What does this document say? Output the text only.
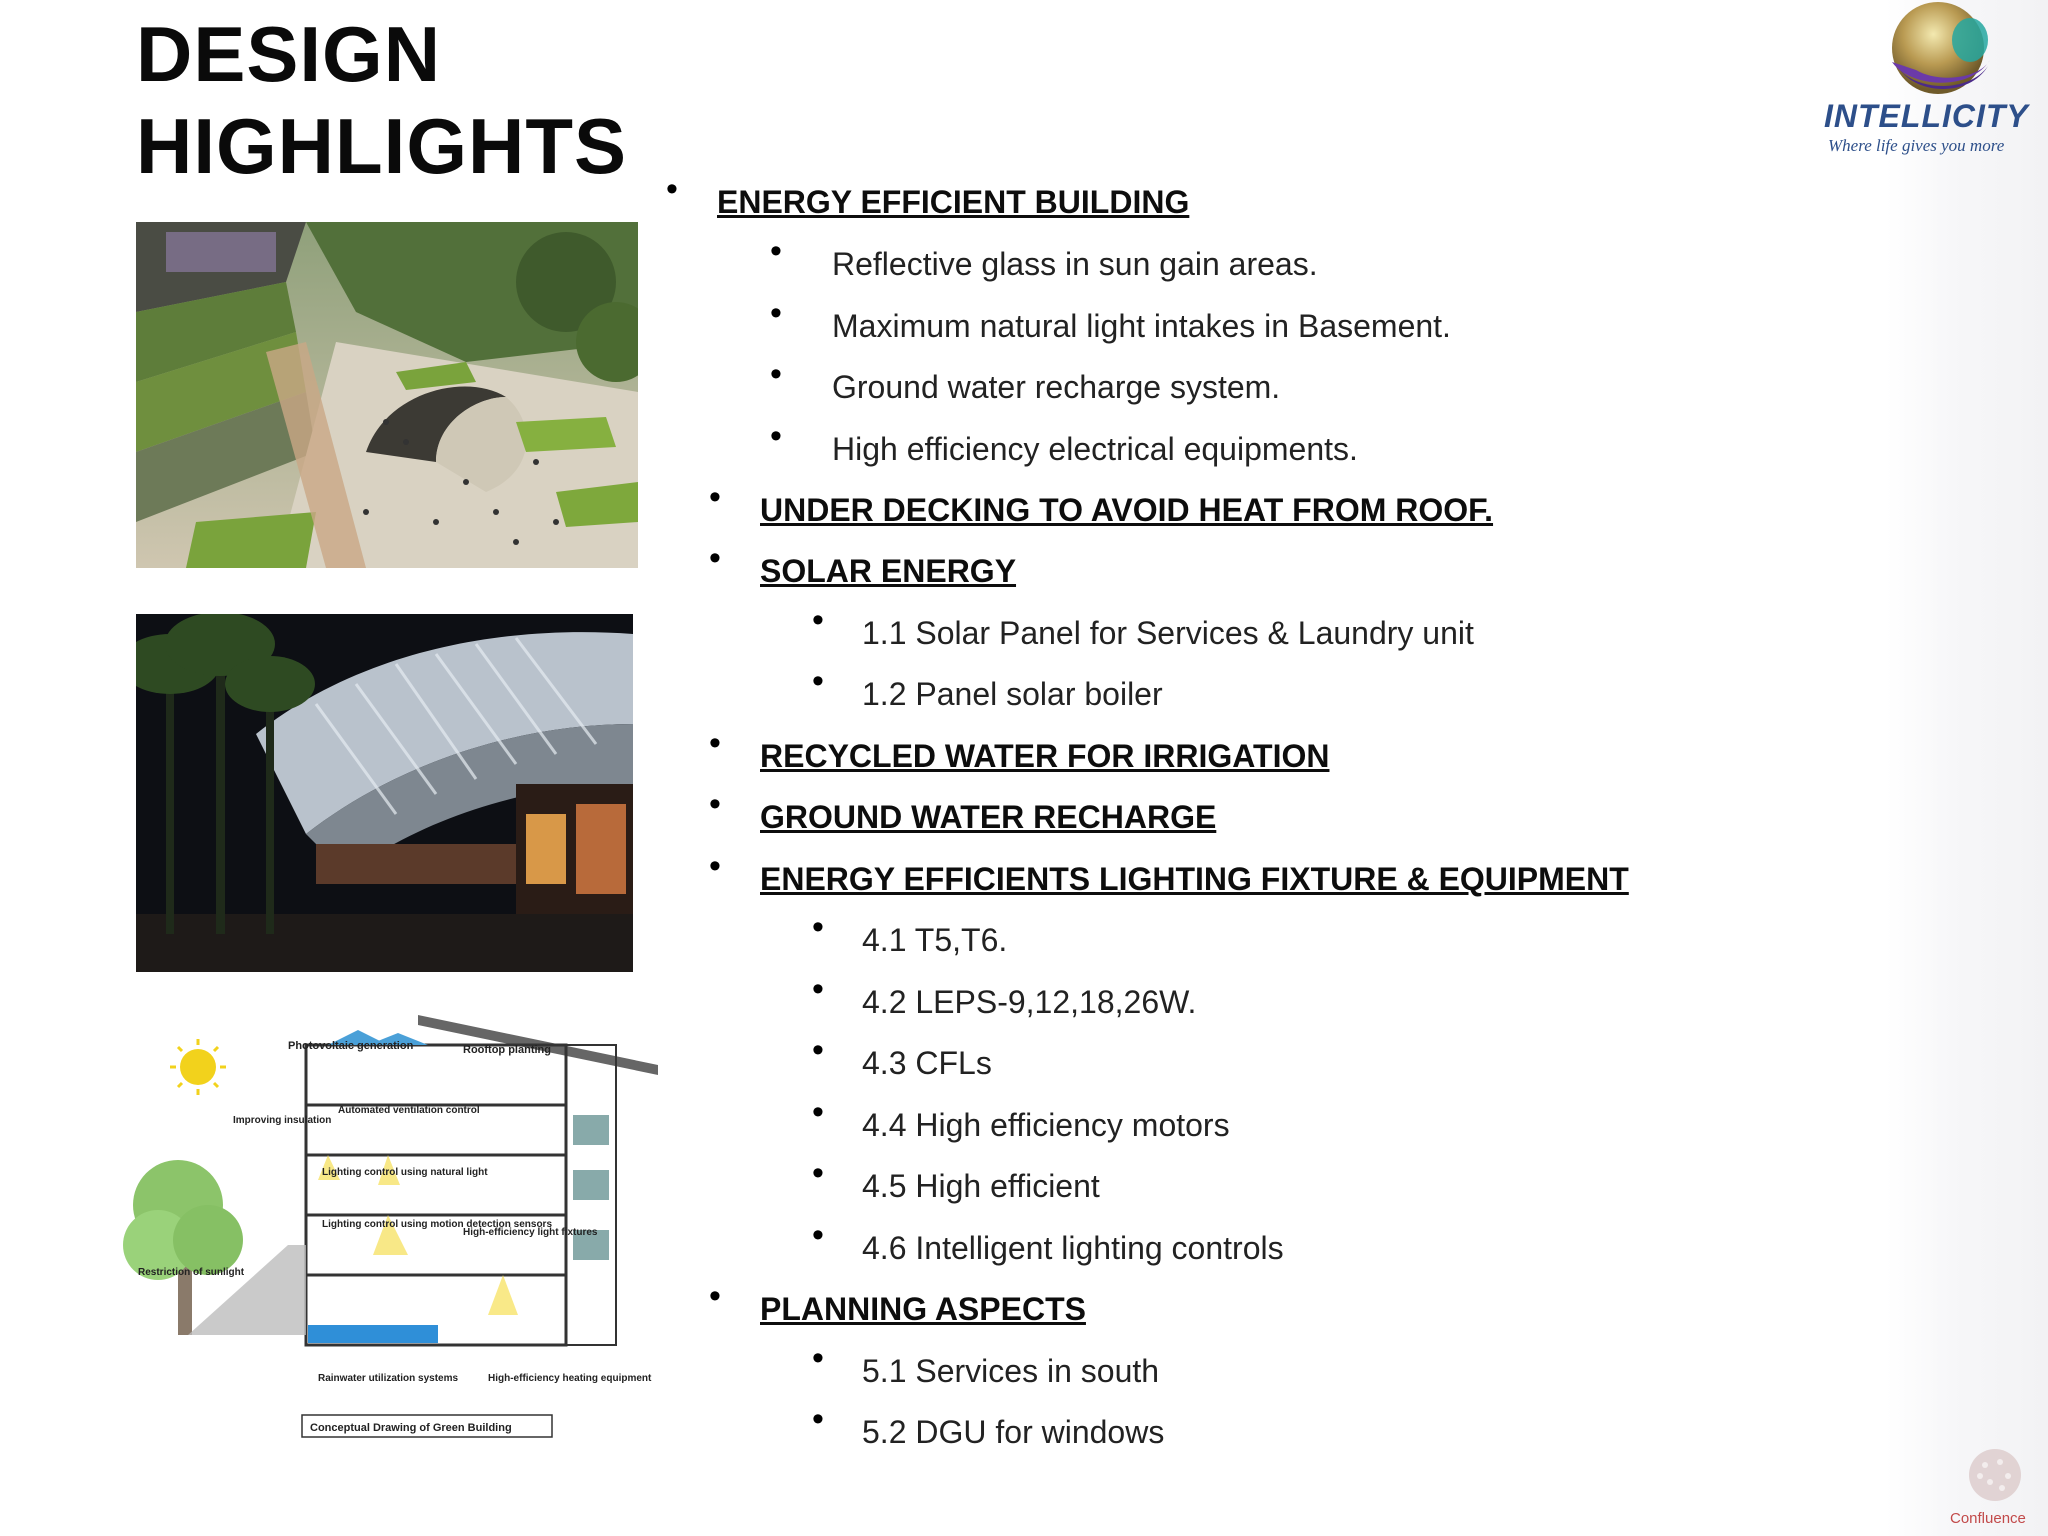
DESIGN
HIGHLIGHTS	INTELLICITY
Where life gives you more
Photovoltaic generation	Rooftop planting
Automated ventilation control
Improving insulation
Lighting control using natural light
Lighting control using motion detection sensors
High-efficiency light fixtures
Restriction of sunlight
Rainwater utilization systems	High-efficiency heating equipment
Conceptual Drawing of Green Building
• ENERGY EFFICIENT BUILDING
• Reflective glass in sun gain areas.
• Maximum natural light intakes in Basement.
• Ground water recharge system.
• High efficiency electrical equipments.
• UNDER DECKING TO AVOID HEAT FROM ROOF.
• SOLAR ENERGY
• 1.1 Solar Panel for Services & Laundry unit
• 1.2 Panel solar boiler
• RECYCLED WATER FOR IRRIGATION
• GROUND WATER RECHARGE
• ENERGY EFFICIENTS LIGHTING FIXTURE & EQUIPMENT
• 4.1 T5,T6.
• 4.2 LEPS-9,12,18,26W.
• 4.3 CFLs
• 4.4 High efficiency motors
• 4.5 High efficient
• 4.6 Intelligent lighting controls
• PLANNING ASPECTS
• 5.1 Services in south
• 5.2 DGU for windows
Confluence
